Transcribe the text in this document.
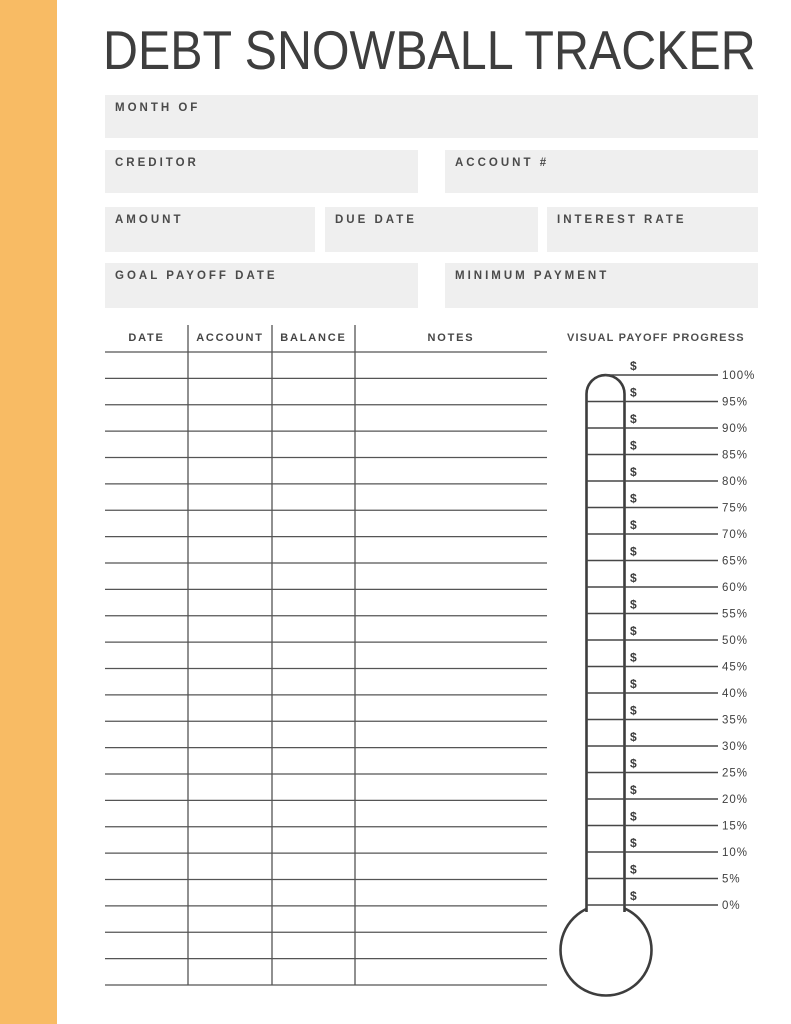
DEBT SNOWBALL TRACKER
MONTH OF
CREDITOR	ACCOUNT #
AMOUNT	DUE DATE	INTEREST RATE
GOAL PAYOFF DATE	MINIMUM PAYMENT
DATE	ACCOUNT	BALANCE	NOTES	VISUAL PAYOFF PROGRESS
$
100%
$
95%
$
90%
$
85%
$
80%
$
75%
$
70%
$
65%
$
60%
$
55%
$
50%
$
45%
$
40%
$
35%
$
30%
$
25%
$
20%
$
15%
$
10%
$
5%
$
0%
